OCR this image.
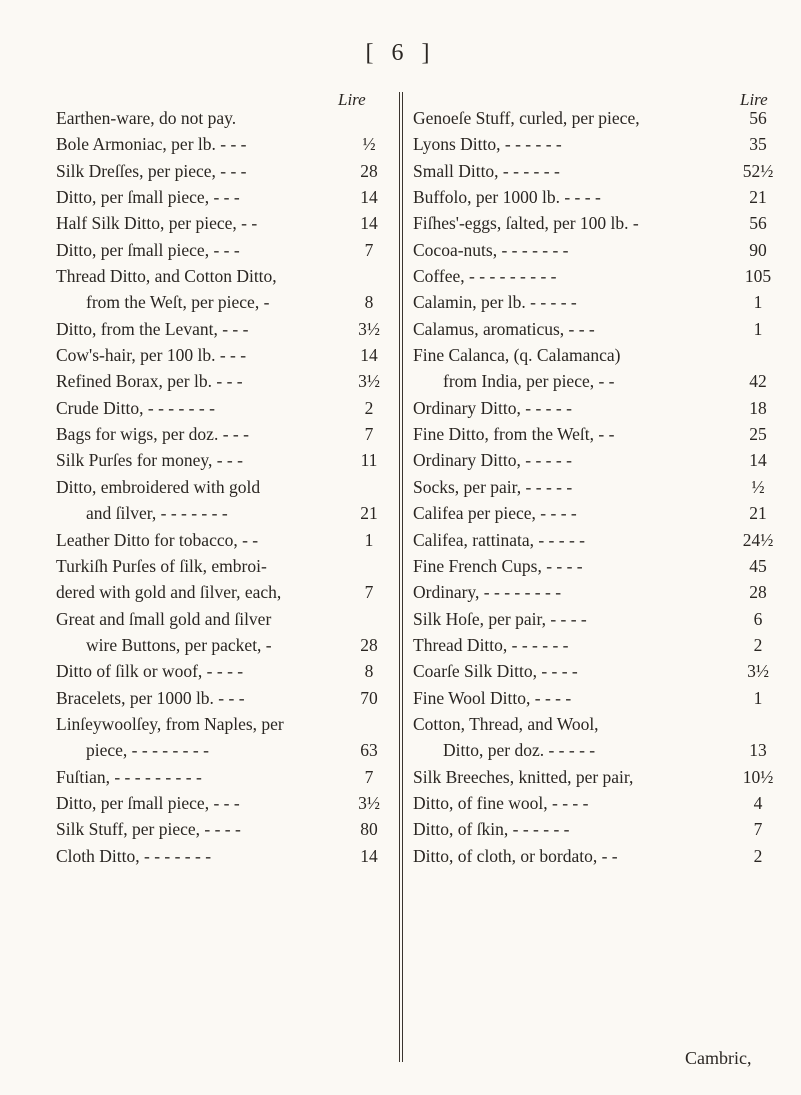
[ 6 ]
Lire	Lire
Earthen-ware, do not pay.
Bole Armoniac, per lb. - - -	½
Silk Dreſſes, per piece, - - -	28
Ditto, per ſmall piece, - - -	14
Half Silk Ditto, per piece, - -	14
Ditto, per ſmall piece, - - -	7
Thread Ditto, and Cotton Ditto,
from the Weſt, per piece, -	8
Ditto, from the Levant, - - -	3½
Cow's-hair, per 100 lb. - - -	14
Refined Borax, per lb. - - -	3½
Crude Ditto, - - - - - - -	2
Bags for wigs, per doz. - - -	7
Silk Purſes for money, - - -	11
Ditto, embroidered with gold
and ſilver, - - - - - - -	21
Leather Ditto for tobacco, - -	1
Turkiſh Purſes of ſilk, embroi-
dered with gold and ſilver, each,	7
Great and ſmall gold and ſilver
wire Buttons, per packet, -	28
Ditto of ſilk or woof, - - - -	8
Bracelets, per 1000 lb. - - -	70
Linſeywoolſey, from Naples, per
piece, - - - - - - - -	63
Fuſtian, - - - - - - - - -	7
Ditto, per ſmall piece, - - -	3½
Silk Stuff, per piece, - - - -	80
Cloth Ditto, - - - - - - -	14
Genoeſe Stuff, curled, per piece,	56
Lyons Ditto, - - - - - -	35
Small Ditto, - - - - - -	52½
Buffolo, per 1000 lb. - - - -	21
Fiſhes'-eggs, ſalted, per 100 lb. -	56
Cocoa-nuts, - - - - - - -	90
Coffee, - - - - - - - - -	105
Calamin, per lb. - - - - -	1
Calamus, aromaticus, - - -	1
Fine Calanca, (q. Calamanca)
from India, per piece, - -	42
Ordinary Ditto, - - - - -	18
Fine Ditto, from the Weſt, - -	25
Ordinary Ditto, - - - - -	14
Socks, per pair, - - - - -	½
Califea per piece, - - - -	21
Califea, rattinata, - - - - -	24½
Fine French Cups, - - - -	45
Ordinary, - - - - - - - -	28
Silk Hoſe, per pair, - - - -	6
Thread Ditto, - - - - - -	2
Coarſe Silk Ditto, - - - -	3½
Fine Wool Ditto, - - - -	1
Cotton, Thread, and Wool,
Ditto, per doz. - - - - -	13
Silk Breeches, knitted, per pair,	10½
Ditto, of fine wool, - - - -	4
Ditto, of ſkin, - - - - - -	7
Ditto, of cloth, or bordato, - -	2
Cambric,
